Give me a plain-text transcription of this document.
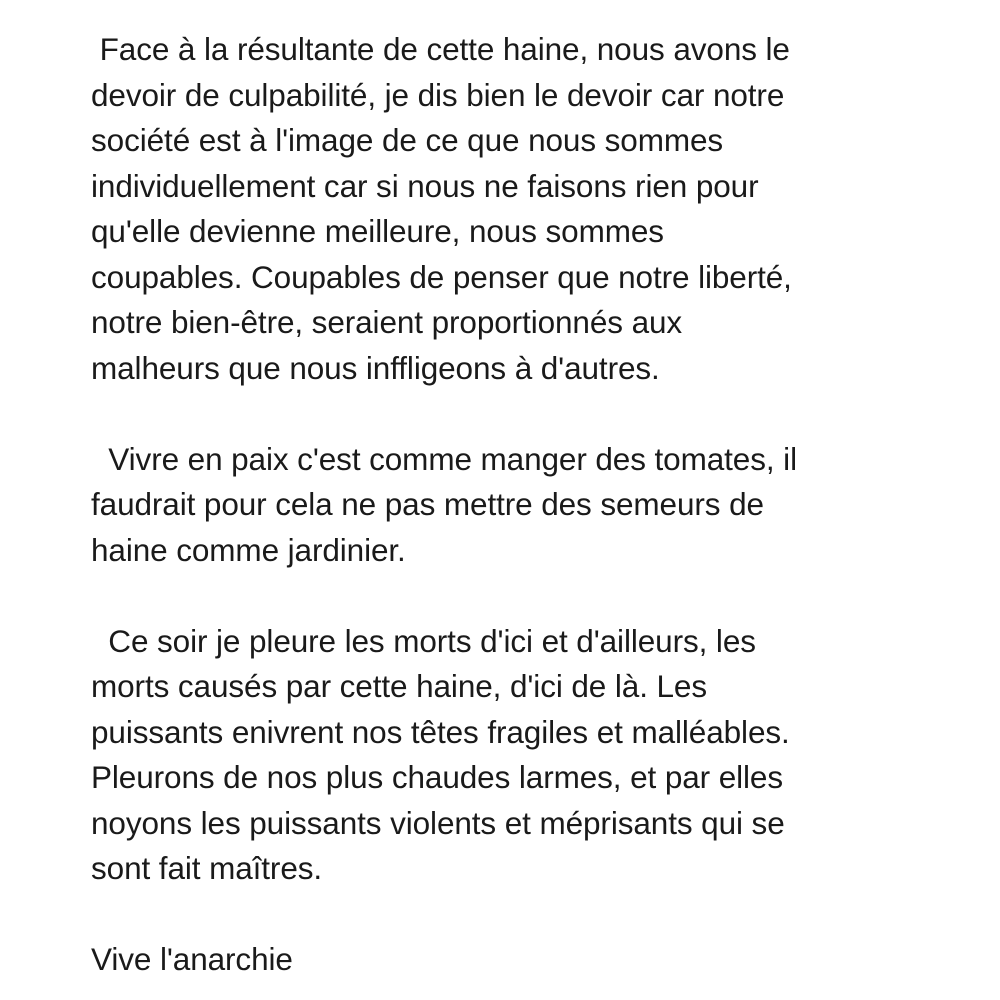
Face à la résultante de cette haine, nous avons le
devoir de culpabilité, je dis bien le devoir car notre
société est à l'image de ce que nous sommes
individuellement car si nous ne faisons rien pour
qu'elle devienne meilleure, nous sommes
coupables. Coupables de penser que notre liberté,
notre bien-être, seraient proportionnés aux
malheurs que nous inffligeons à d'autres.
Vivre en paix c'est comme manger des tomates, il
faudrait pour cela ne pas mettre des semeurs de
haine comme jardinier.
Ce soir je pleure les morts d'ici et d'ailleurs, les
morts causés par cette haine, d'ici de là. Les
puissants enivrent nos têtes fragiles et malléables.
Pleurons de nos plus chaudes larmes, et par elles
noyons les puissants violents et méprisants qui se
sont fait maîtres.
Vive l'anarchie
